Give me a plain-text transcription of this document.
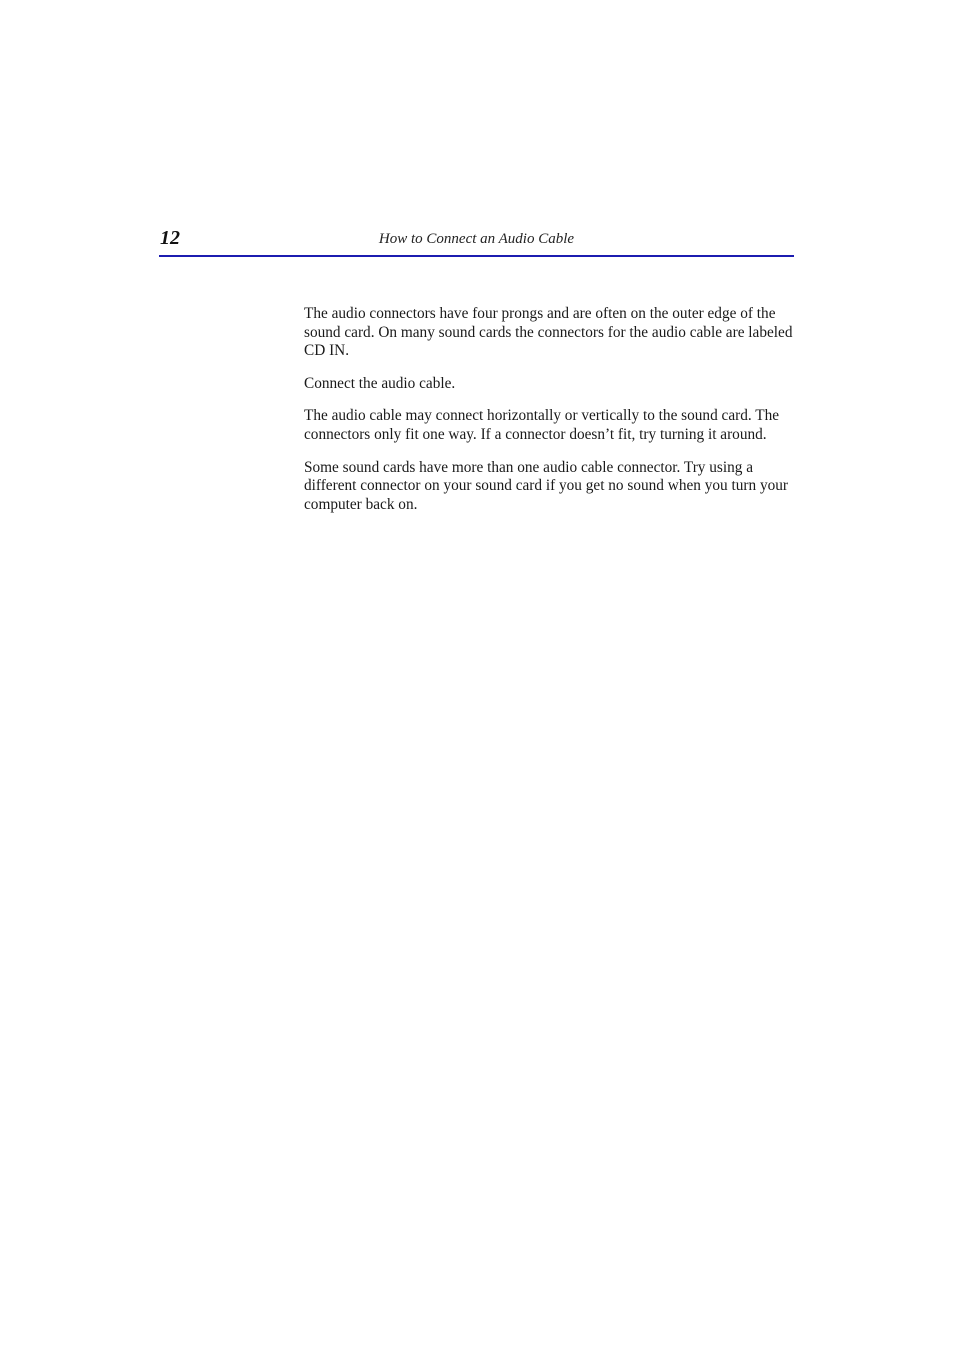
12	How to Connect an Audio Cable

The audio connectors have four prongs and are often on the outer edge of the sound card. On many sound cards the connectors for the audio cable are labeled CD IN.

Connect the audio cable.

The audio cable may connect horizontally or vertically to the sound card. The connectors only fit one way. If a connector doesn’t fit, try turning it around.

Some sound cards have more than one audio cable connector. Try using a different connector on your sound card if you get no sound when you turn your computer back on.
